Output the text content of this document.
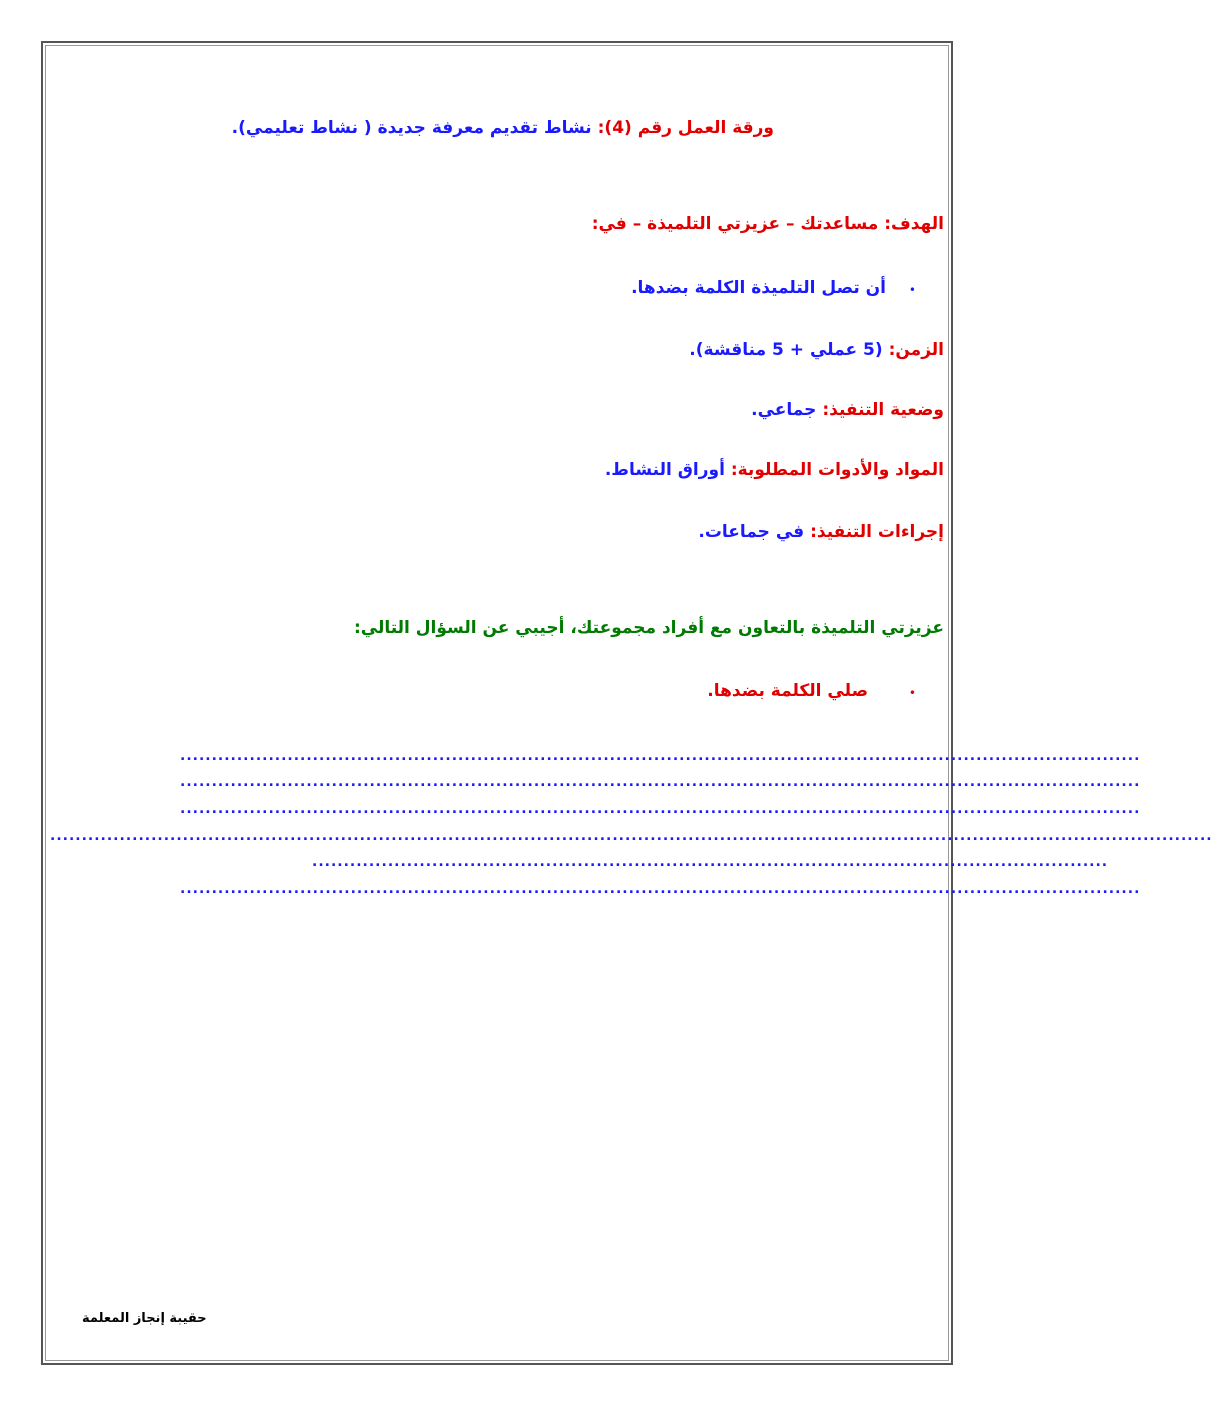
ورقة العمل رقم (4): نشاط تقديم معرفة جديدة ( نشاط تعليمي).
الهدف: مساعدتك – عزيزتي التلميذة – في:
•
أن تصل التلميذة الكلمة بضدها.
الزمن: (5 عملي + 5 مناقشة).
وضعية التنفيذ: جماعي.
المواد والأدوات المطلوبة: أوراق النشاط.
إجراءات التنفيذ: في جماعات.
عزيزتي التلميذة بالتعاون مع أفراد مجموعتك، أجيبي عن السؤال التالي:
•
صلي الكلمة بضدها.
........................................................................................................................................................
........................................................................................................................................................
........................................................................................................................................................
........................................................................................................................................................................................
..............................................................................................................................
........................................................................................................................................................
حقيبة إنجاز المعلمة
